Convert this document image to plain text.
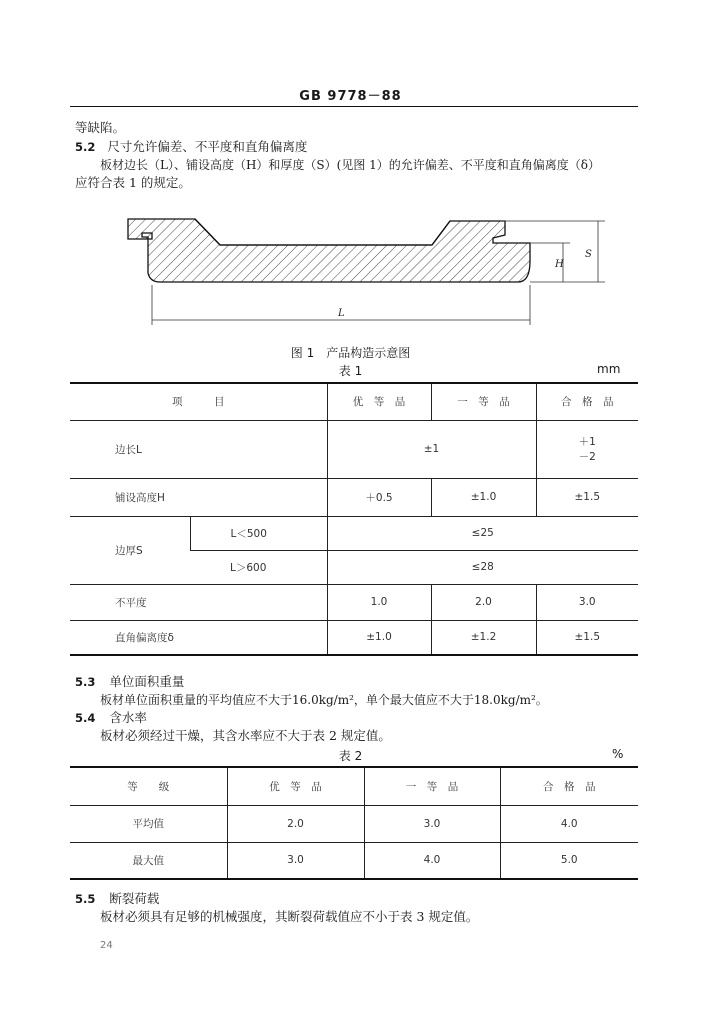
GB 9778－88
等缺陷。
5.2 尺寸允许偏差、不平度和直角偏离度
板材边长（L）、铺设高度（H）和厚度（S）(见图 1）的允许偏差、不平度和直角偏离度（δ）
应符合表 1 的规定。
H
S
L
图 1　产品构造示意图
表 1	mm
项　　　目		优　等　品	一　等　品	合　格　品
边长L		±1		＋1
－2

铺设高度H		＋0.5	±1.0	±1.5
边厚S	L＜500	≤25		
	L＞600	≤28		
不平度		1.0	2.0	3.0
直角偏离度δ		±1.0	±1.2	±1.5
5.3 单位面积重量
板材单位面积重量的平均值应不大于16.0kg/m²，单个最大值应不大于18.0kg/m²。
5.4 含水率
板材必须经过干燥，其含水率应不大于表 2 规定值。
表 2	%
等　　级	优　等　品	一　等　品	合　格　品
平均值	2.0	3.0	4.0
最大值	3.0	4.0	5.0
5.5 断裂荷载
板材必须具有足够的机械强度，其断裂荷载值应不小于表 3 规定值。
24
